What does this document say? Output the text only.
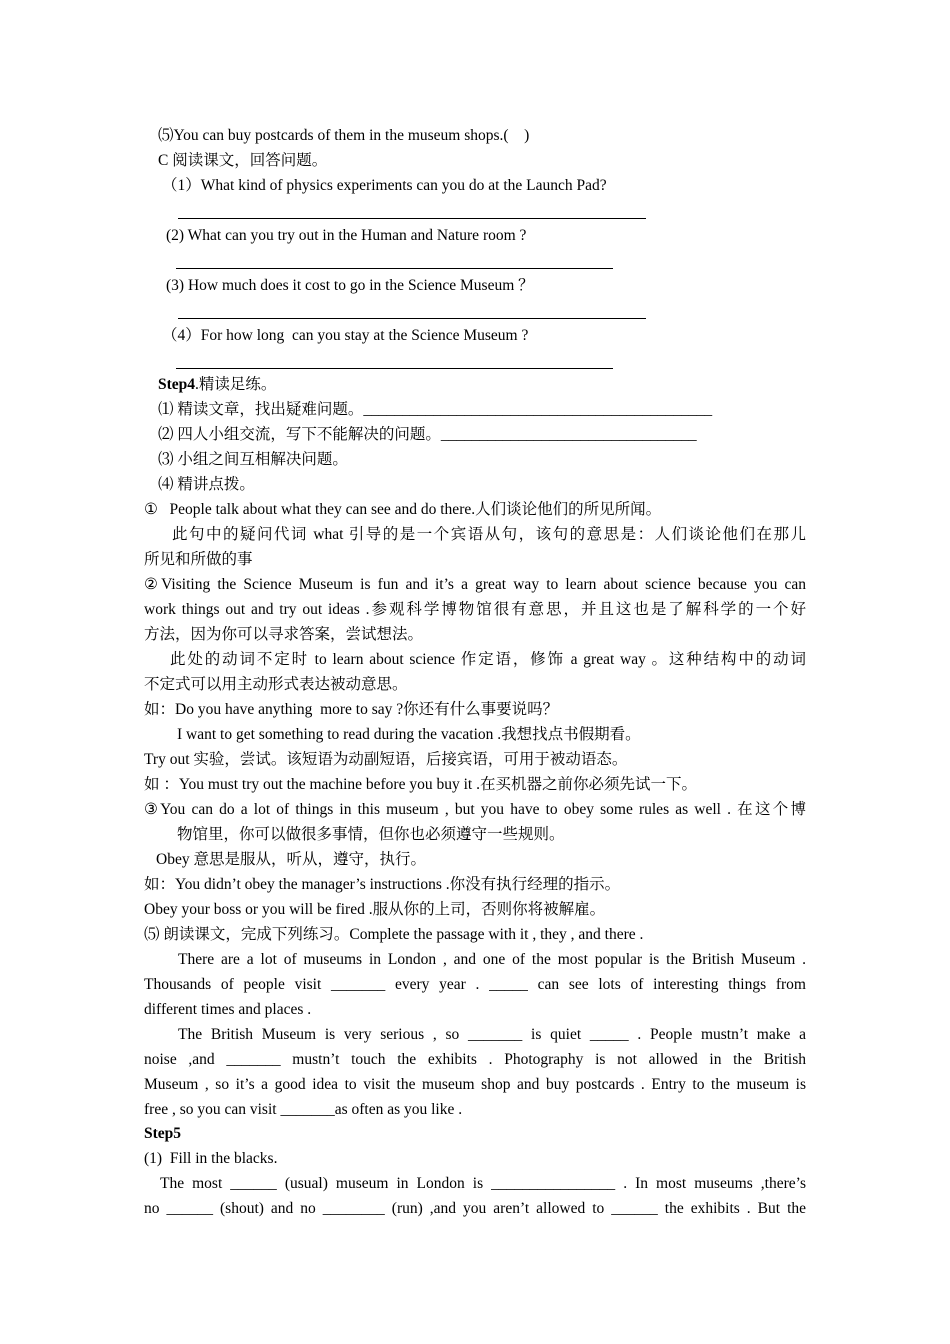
⑸You can buy postcards of them in the museum shops.(    )
C 阅读课文，回答问题。
（1）What kind of physics experiments can you do at the Launch Pad?
(2) What can you try out in the Human and Nature room ?
(3) How much does it cost to go in the Science Museum ？
（4）For how long  can you stay at the Science Museum ?
Step4.精读足练。
⑴ 精读文章，找出疑难问题。_____________________________________________
⑵ 四人小组交流，写下不能解决的问题。_________________________________
⑶ 小组之间互相解决问题。
⑷ 精讲点拨。
①   People talk about what they can see and do there.人们谈论他们的所见所闻。
此句中的疑问代词 what 引导的是一个宾语从句，该句的意思是：人们谈论他们在那儿
所见和所做的事
②Visiting the Science Museum is fun and it’s a great way to learn about science because you can
work things out and try out ideas .参观科学博物馆很有意思，并且这也是了解科学的一个好
方法，因为你可以寻求答案，尝试想法。
此处的动词不定时 to learn about science 作定语，修饰 a great way 。这种结构中的动词
不定式可以用主动形式表达被动意思。
如：Do you have anything  more to say ?你还有什么事要说吗？
I want to get something to read during the vacation .我想找点书假期看。
Try out 实验，尝试。该短语为动副短语，后接宾语，可用于被动语态。
如 ：You must try out the machine before you buy it .在买机器之前你必须先试一下。
③You can do a lot of things in this museum , but you have to obey some rules as well . 在这个博
物馆里，你可以做很多事情，但你也必须遵守一些规则。
Obey 意思是服从，听从，遵守，执行。
如：You didn’t obey the manager’s instructions .你没有执行经理的指示。
Obey your boss or you will be fired .服从你的上司，否则你将被解雇。
⑸ 朗读课文，完成下列练习。Complete the passage with it , they , and there .
There are a lot of museums in London , and one of the most popular is the British Museum .
Thousands of people visit _______ every year . _____ can see lots of interesting things from
different times and places .
The British Museum is very serious , so _______ is quiet _____ . People mustn’t make a
noise ,and _______ mustn’t touch the exhibits . Photography is not allowed in the British
Museum , so it’s a good idea to visit the museum shop and buy postcards . Entry to the museum is
free , so you can visit _______as often as you like .
Step5
(1)  Fill in the blacks.
The most ______ (usual) museum in London is ________________ . In most museums ,there’s
no ______ (shout) and no ________ (run) ,and you aren’t allowed to ______ the exhibits . But the
